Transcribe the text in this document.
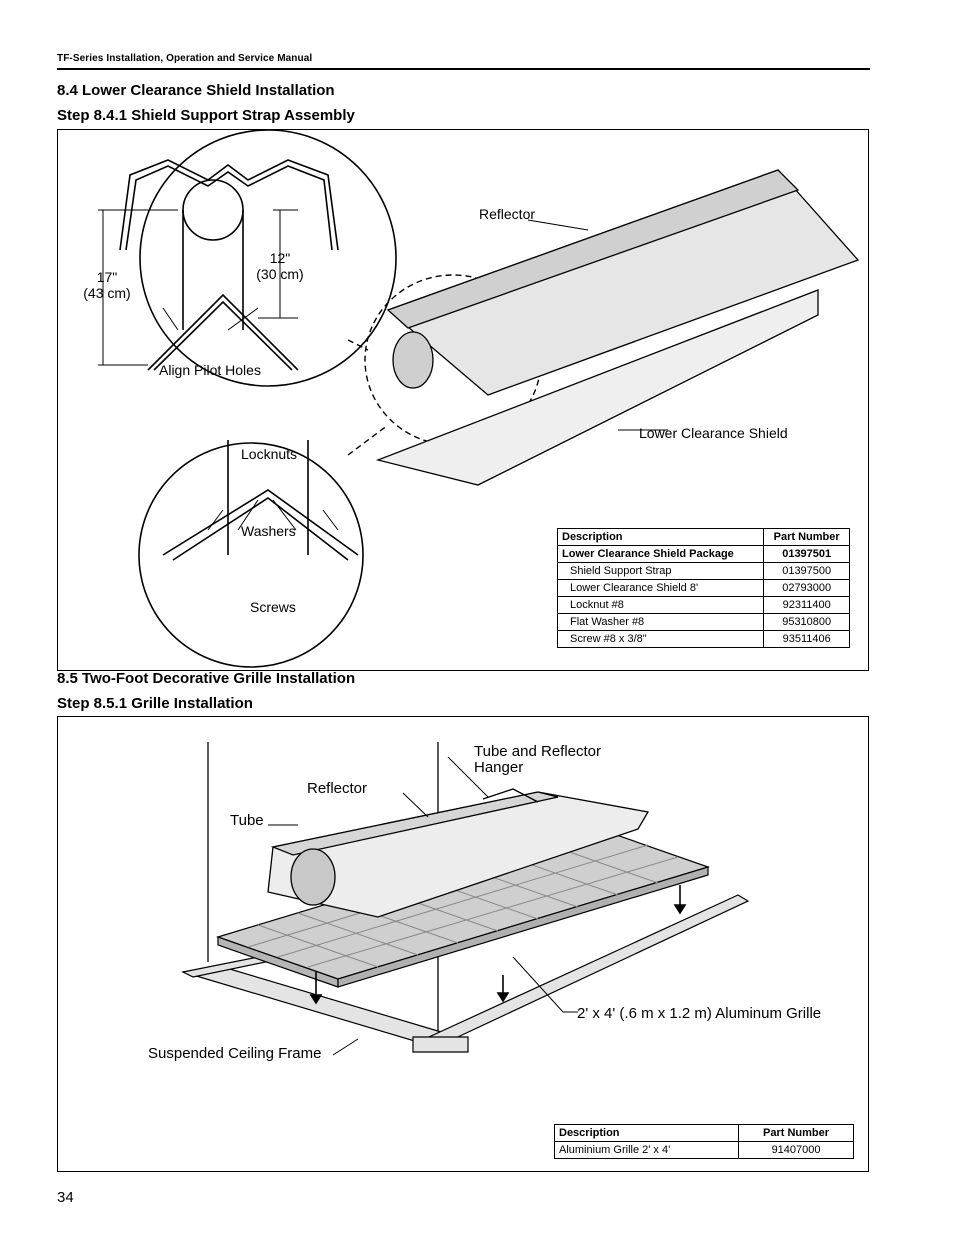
TF-Series Installation, Operation and Service Manual
8.4 Lower Clearance Shield Installation
Step 8.4.1 Shield Support Strap Assembly
Reflector
Lower Clearance Shield
17"
(43 cm)
12"
(30 cm)
Align Pilot Holes
Locknuts
Washers
Screws
Description	Part Number
Lower Clearance Shield Package	01397501
Shield Support Strap	01397500
Lower Clearance Shield 8'	02793000
Locknut #8	92311400
Flat Washer #8	95310800
Screw #8 x 3/8"	93511406
8.5 Two-Foot Decorative Grille Installation
Step 8.5.1 Grille Installation
Tube and Reflector
Hanger
Reflector
Tube
2' x 4' (.6 m x 1.2 m) Aluminum Grille
Suspended Ceiling Frame
Description	Part Number
Aluminium Grille 2' x 4'	91407000
34
